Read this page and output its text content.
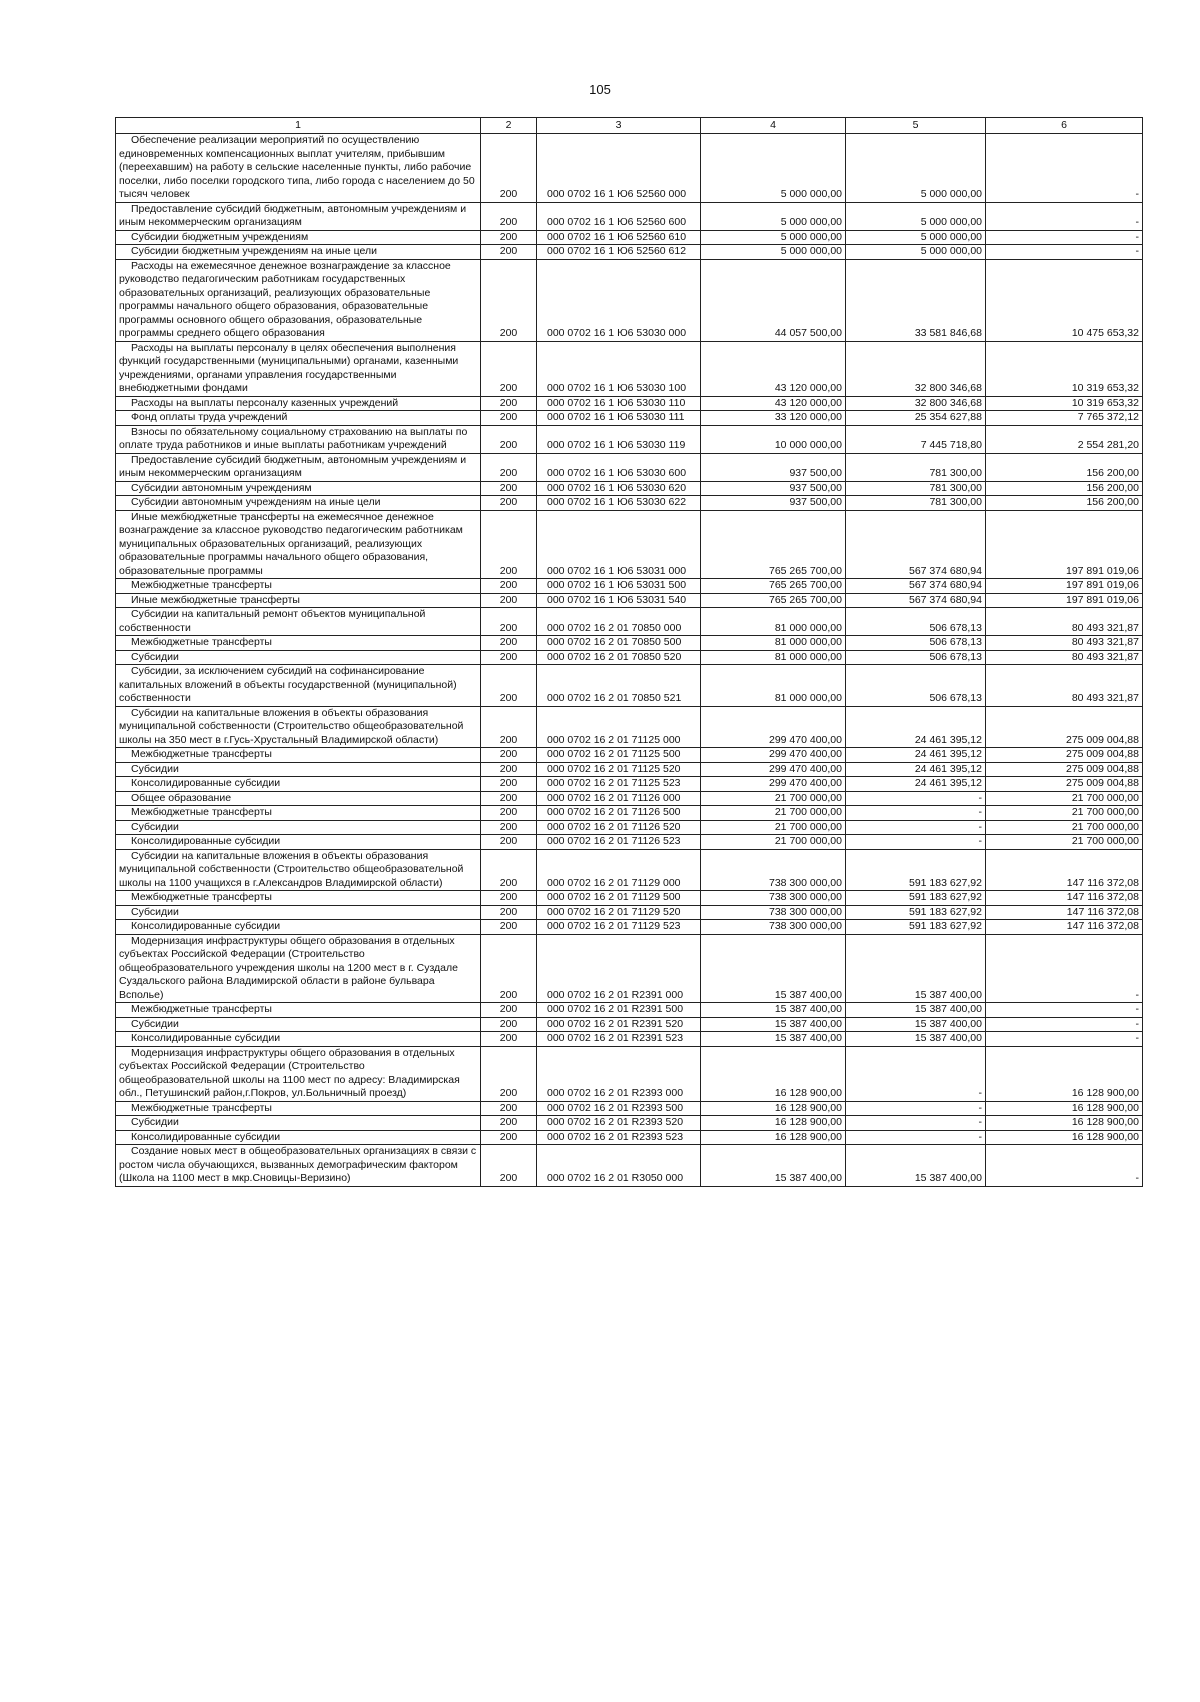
105
1	2	3	4	5	6
Обеспечение реализации мероприятий по осуществлению единовременных компенсационных выплат учителям, прибывшим (переехавшим) на работу в сельские населенные пункты, либо рабочие поселки, либо поселки городского типа, либо города с населением до 50 тысяч человек	200	000 0702 16 1 Ю6 52560 000	5 000 000,00	5 000 000,00	-
Предоставление субсидий бюджетным, автономным учреждениям и иным некоммерческим организациям	200	000 0702 16 1 Ю6 52560 600	5 000 000,00	5 000 000,00	-
Субсидии бюджетным учреждениям	200	000 0702 16 1 Ю6 52560 610	5 000 000,00	5 000 000,00	-
Субсидии бюджетным учреждениям на иные цели	200	000 0702 16 1 Ю6 52560 612	5 000 000,00	5 000 000,00	-
Расходы на ежемесячное денежное вознаграждение за классное руководство педагогическим работникам государственных образовательных организаций, реализующих образовательные программы начального общего образования, образовательные программы основного общего образования, образовательные программы среднего общего образования	200	000 0702 16 1 Ю6 53030 000	44 057 500,00	33 581 846,68	10 475 653,32
Расходы на выплаты персоналу в целях обеспечения выполнения функций государственными (муниципальными) органами, казенными учреждениями, органами управления государственными внебюджетными фондами	200	000 0702 16 1 Ю6 53030 100	43 120 000,00	32 800 346,68	10 319 653,32
Расходы на выплаты персоналу казенных учреждений	200	000 0702 16 1 Ю6 53030 110	43 120 000,00	32 800 346,68	10 319 653,32
Фонд оплаты труда учреждений	200	000 0702 16 1 Ю6 53030 111	33 120 000,00	25 354 627,88	7 765 372,12
Взносы по обязательному социальному страхованию на выплаты по оплате труда работников и иные выплаты работникам учреждений	200	000 0702 16 1 Ю6 53030 119	10 000 000,00	7 445 718,80	2 554 281,20
Предоставление субсидий бюджетным, автономным учреждениям и иным некоммерческим организациям	200	000 0702 16 1 Ю6 53030 600	937 500,00	781 300,00	156 200,00
Субсидии автономным учреждениям	200	000 0702 16 1 Ю6 53030 620	937 500,00	781 300,00	156 200,00
Субсидии автономным учреждениям на иные цели	200	000 0702 16 1 Ю6 53030 622	937 500,00	781 300,00	156 200,00
Иные межбюджетные трансферты на ежемесячное денежное вознаграждение за классное руководство педагогическим работникам муниципальных образовательных организаций, реализующих образовательные программы начального общего образования, образовательные программы	200	000 0702 16 1 Ю6 53031 000	765 265 700,00	567 374 680,94	197 891 019,06
Межбюджетные трансферты	200	000 0702 16 1 Ю6 53031 500	765 265 700,00	567 374 680,94	197 891 019,06
Иные межбюджетные трансферты	200	000 0702 16 1 Ю6 53031 540	765 265 700,00	567 374 680,94	197 891 019,06
Субсидии на капитальный ремонт объектов муниципальной собственности	200	000 0702 16 2 01 70850 000	81 000 000,00	506 678,13	80 493 321,87
Межбюджетные трансферты	200	000 0702 16 2 01 70850 500	81 000 000,00	506 678,13	80 493 321,87
Субсидии	200	000 0702 16 2 01 70850 520	81 000 000,00	506 678,13	80 493 321,87
Субсидии, за исключением субсидий на софинансирование капитальных вложений в объекты государственной (муниципальной) собственности	200	000 0702 16 2 01 70850 521	81 000 000,00	506 678,13	80 493 321,87
Субсидии на капитальные вложения в объекты образования муниципальной собственности (Строительство общеобразовательной школы на 350 мест в г.Гусь-Хрустальный Владимирской области)	200	000 0702 16 2 01 71125 000	299 470 400,00	24 461 395,12	275 009 004,88
Межбюджетные трансферты	200	000 0702 16 2 01 71125 500	299 470 400,00	24 461 395,12	275 009 004,88
Субсидии	200	000 0702 16 2 01 71125 520	299 470 400,00	24 461 395,12	275 009 004,88
Консолидированные субсидии	200	000 0702 16 2 01 71125 523	299 470 400,00	24 461 395,12	275 009 004,88
Общее образование	200	000 0702 16 2 01 71126 000	21 700 000,00	-	21 700 000,00
Межбюджетные трансферты	200	000 0702 16 2 01 71126 500	21 700 000,00	-	21 700 000,00
Субсидии	200	000 0702 16 2 01 71126 520	21 700 000,00	-	21 700 000,00
Консолидированные субсидии	200	000 0702 16 2 01 71126 523	21 700 000,00	-	21 700 000,00
Субсидии на капитальные вложения в объекты образования муниципальной собственности (Строительство общеобразовательной школы на 1100 учащихся в г.Александров Владимирской области)	200	000 0702 16 2 01 71129 000	738 300 000,00	591 183 627,92	147 116 372,08
Межбюджетные трансферты	200	000 0702 16 2 01 71129 500	738 300 000,00	591 183 627,92	147 116 372,08
Субсидии	200	000 0702 16 2 01 71129 520	738 300 000,00	591 183 627,92	147 116 372,08
Консолидированные субсидии	200	000 0702 16 2 01 71129 523	738 300 000,00	591 183 627,92	147 116 372,08
Модернизация инфраструктуры общего образования в отдельных субъектах Российской Федерации (Строительство общеобразовательного учреждения школы на 1200 мест в г. Суздале Суздальского района Владимирской области в районе бульвара Всполье)	200	000 0702 16 2 01 R2391 000	15 387 400,00	15 387 400,00	-
Межбюджетные трансферты	200	000 0702 16 2 01 R2391 500	15 387 400,00	15 387 400,00	-
Субсидии	200	000 0702 16 2 01 R2391 520	15 387 400,00	15 387 400,00	-
Консолидированные субсидии	200	000 0702 16 2 01 R2391 523	15 387 400,00	15 387 400,00	-
Модернизация инфраструктуры общего образования в отдельных субъектах Российской Федерации (Строительство общеобразовательной школы на 1100 мест по адресу: Владимирская обл., Петушинский район,г.Покров, ул.Больничный проезд)	200	000 0702 16 2 01 R2393 000	16 128 900,00	-	16 128 900,00
Межбюджетные трансферты	200	000 0702 16 2 01 R2393 500	16 128 900,00	-	16 128 900,00
Субсидии	200	000 0702 16 2 01 R2393 520	16 128 900,00	-	16 128 900,00
Консолидированные субсидии	200	000 0702 16 2 01 R2393 523	16 128 900,00	-	16 128 900,00
Создание новых мест в общеобразовательных организациях в связи с ростом числа обучающихся, вызванных демографическим фактором (Школа на 1100 мест в мкр.Сновицы-Веризино)	200	000 0702 16 2 01 R3050 000	15 387 400,00	15 387 400,00	-
